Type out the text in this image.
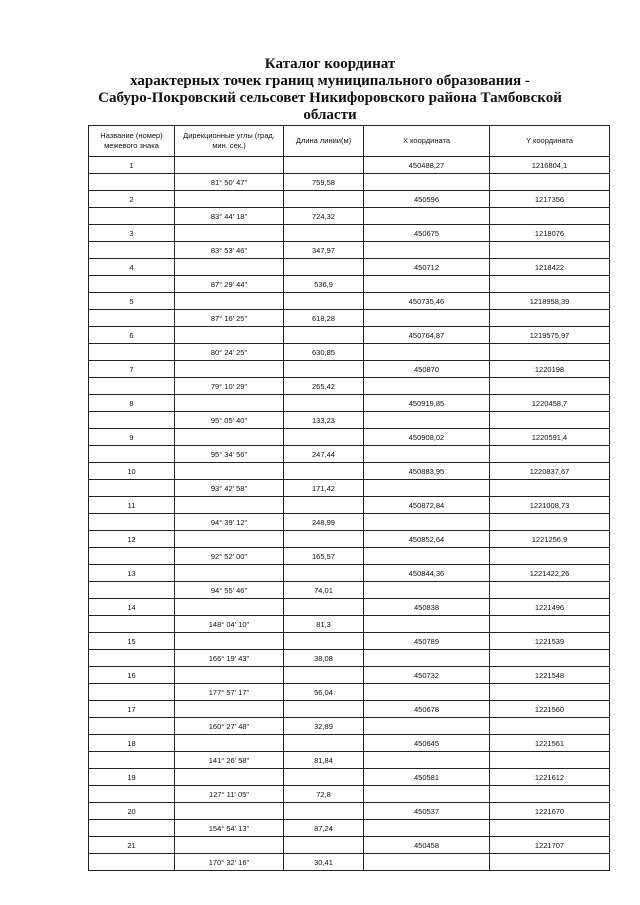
Каталог координат
характерных точек границ муниципального образования -
Сабуро-Покровский сельсовет Никифоровского района Тамбовской
области
Название (номер) межевого знака	Дирекционные углы (град. мин. сек.)	Длина линии(м)	X координата	Y координата
1			450488,27	1216804,1
	81° 50' 47"	759,58		
2			450596	1217356
	83° 44' 18"	724,32		
3			450675	1218076
	83° 53' 46"	347,97		
4			450712	1218422
	87° 29' 44"	536,9		
5			450735,46	1218958,39
	87° 16' 25"	618,28		
6			450764,87	1219575,97
	80° 24' 25"	630,85		
7			450870	1220198
	79° 10' 29"	265,42		
8			450919,85	1220458,7
	95° 05' 40"	133,23		
9			450908,02	1220591,4
	95° 34' 56"	247,44		
10			450883,95	1220837,67
	93° 42' 58"	171,42		
11			450872,84	1221008,73
	94° 39' 12"	248,99		
12			450852,64	1221256,9
	92° 52' 00"	165,57		
13			450844,36	1221422,26
	94° 55' 46"	74,01		
14			450838	1221496
	148° 04' 10"	81,3		
15			450789	1221539
	166° 19' 43"	38,08		
16			450732	1221548
	177° 57' 17"	56,04		
17			450678	1221560
	160° 27' 48"	32,89		
18			450645	1221561
	141° 26' 58"	81,84		
19			450581	1221612
	127° 11' 05"	72,8		
20			450537	1221670
	154° 54' 13"	87,24		
21			450458	1221707
	170° 32' 16"	30,41		
